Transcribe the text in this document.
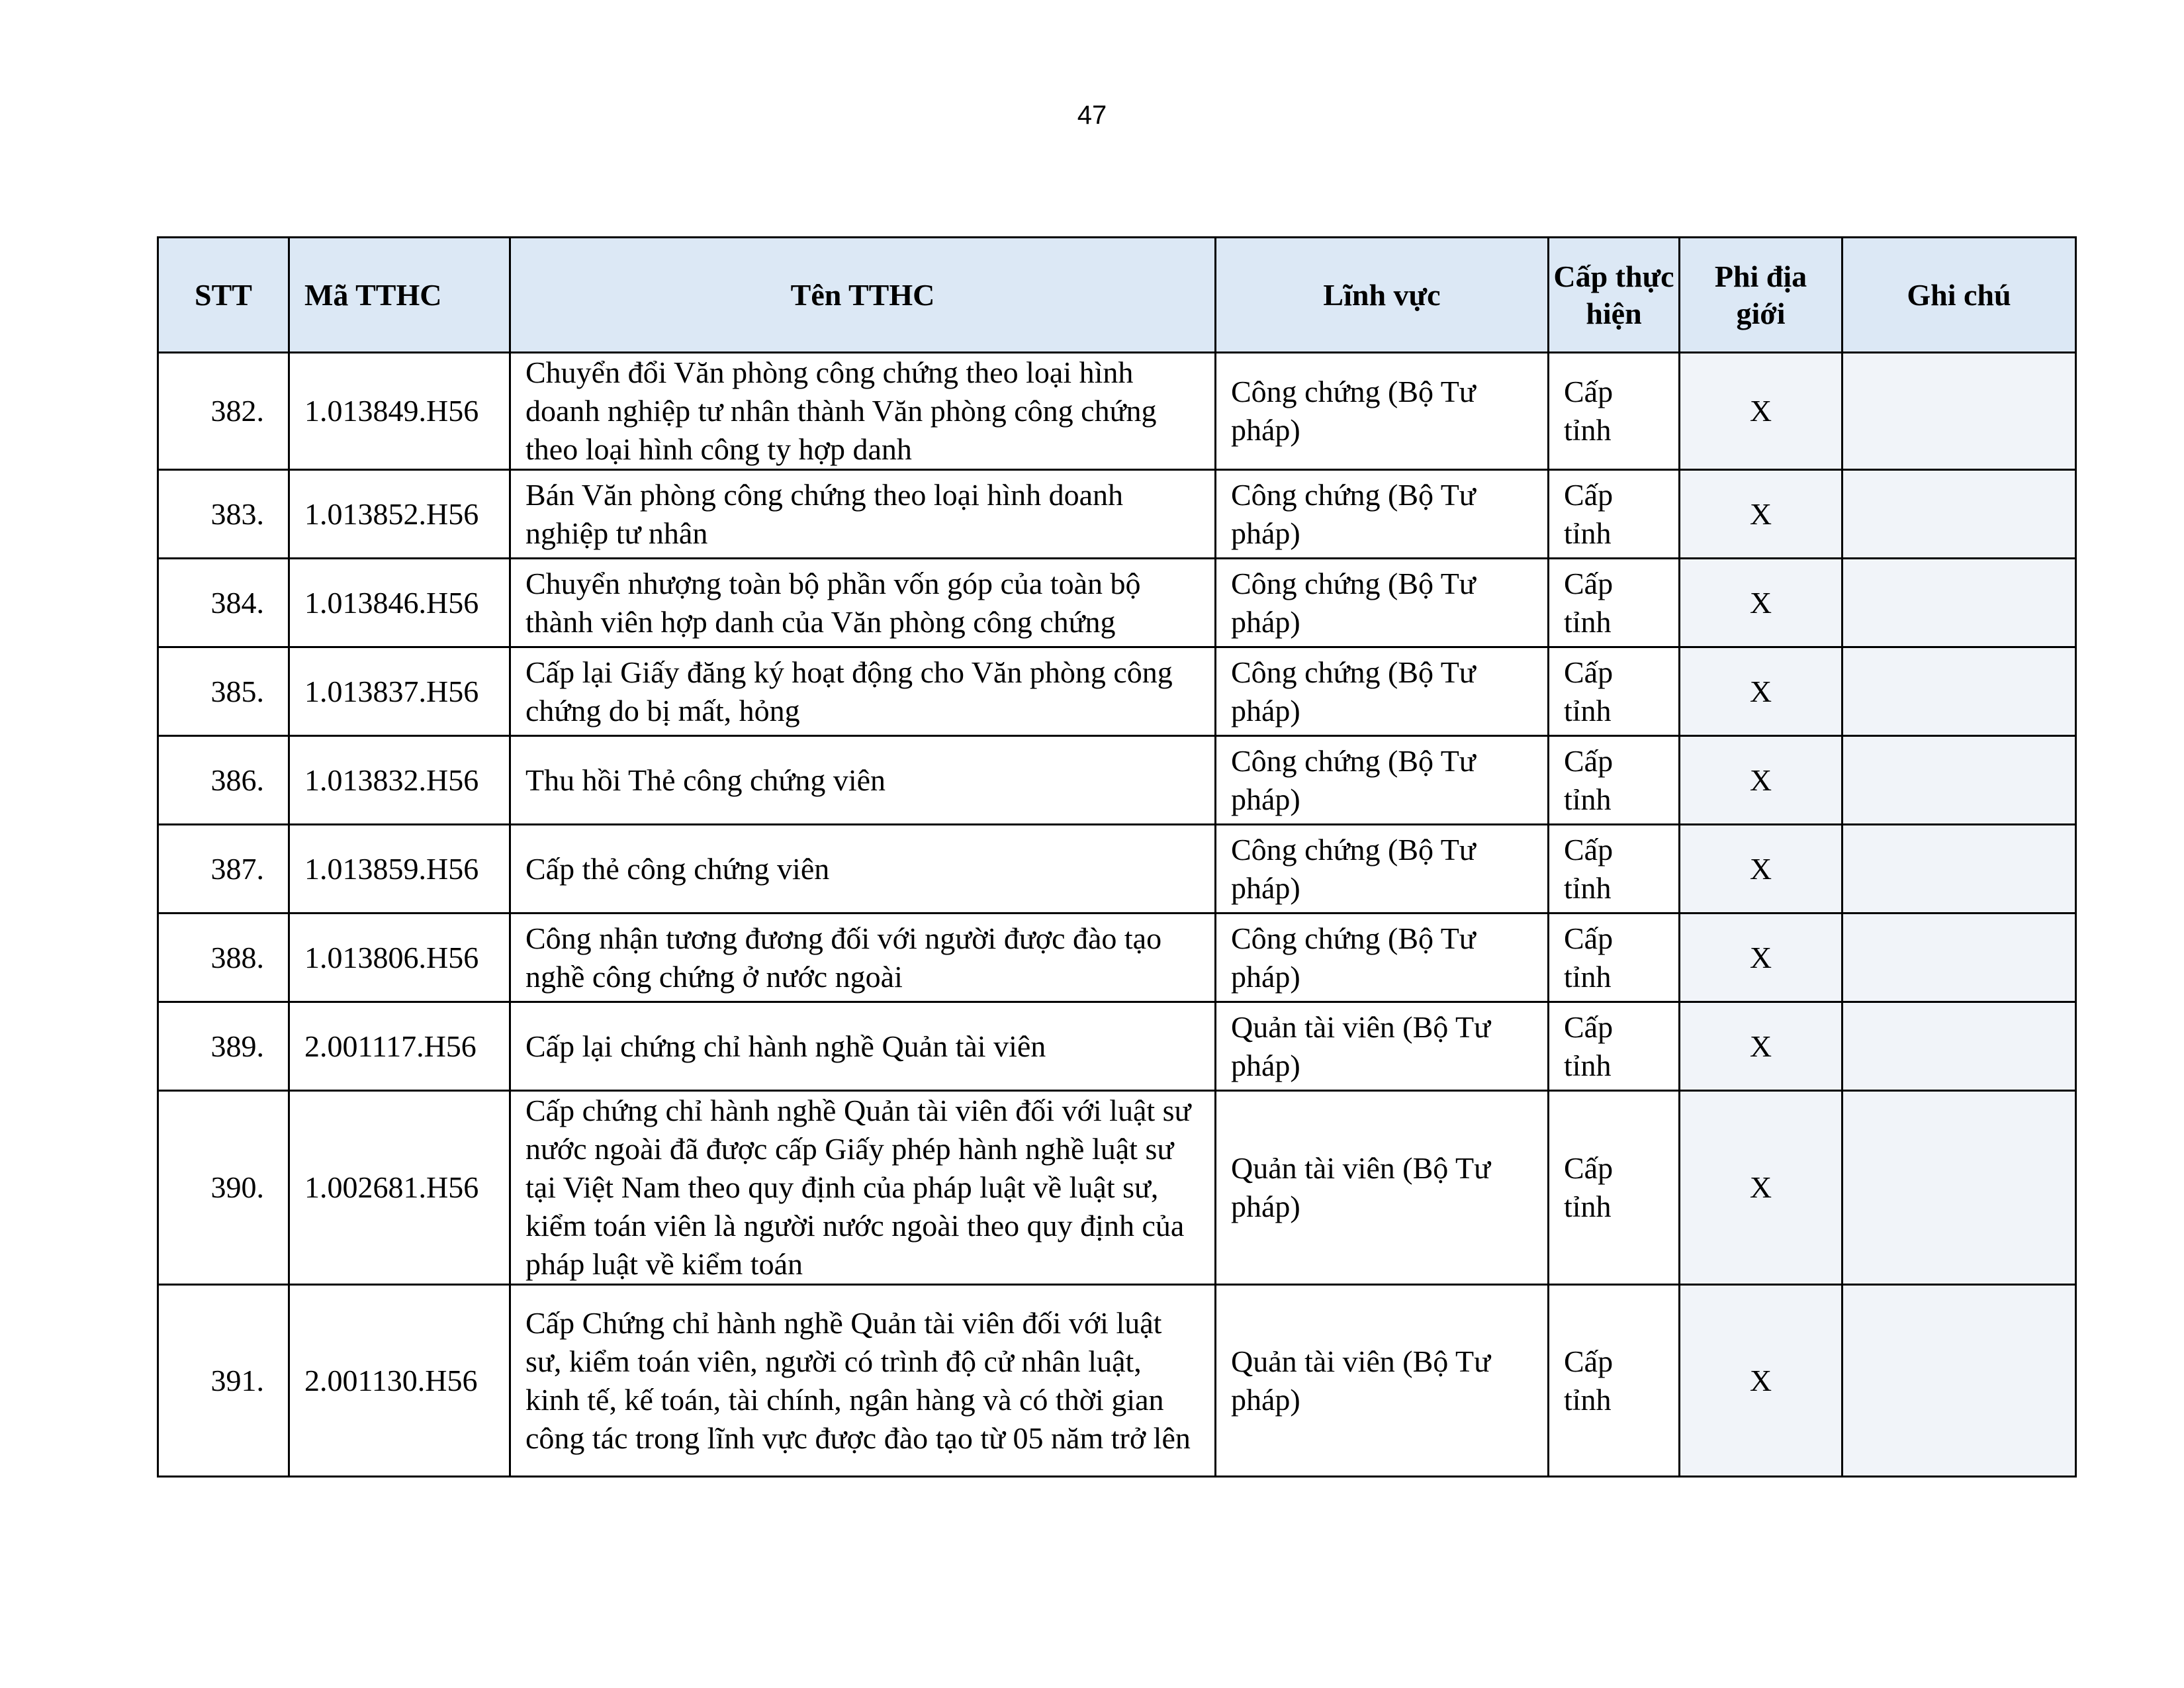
47
STT	Mã TTHC	Tên TTHC	Lĩnh vực	Cấp thực hiện	Phi địa giới	Ghi chú
382.	1.013849.H56	Chuyển đổi Văn phòng công chứng theo loại hình doanh nghiệp tư nhân thành Văn phòng công chứng theo loại hình công ty hợp danh	Công chứng (Bộ Tư pháp)	Cấp tỉnh	X	
383.	1.013852.H56	Bán Văn phòng công chứng theo loại hình doanh nghiệp tư nhân	Công chứng (Bộ Tư pháp)	Cấp tỉnh	X	
384.	1.013846.H56	Chuyển nhượng toàn bộ phần vốn góp của toàn bộ thành viên hợp danh của Văn phòng công chứng	Công chứng (Bộ Tư pháp)	Cấp tỉnh	X	
385.	1.013837.H56	Cấp lại Giấy đăng ký hoạt động cho Văn phòng công chứng do bị mất, hỏng	Công chứng (Bộ Tư pháp)	Cấp tỉnh	X	
386.	1.013832.H56	Thu hồi Thẻ công chứng viên	Công chứng (Bộ Tư pháp)	Cấp tỉnh	X	
387.	1.013859.H56	Cấp thẻ công chứng viên	Công chứng (Bộ Tư pháp)	Cấp tỉnh	X	
388.	1.013806.H56	Công nhận tương đương đối với người được đào tạo nghề công chứng ở nước ngoài	Công chứng (Bộ Tư pháp)	Cấp tỉnh	X	
389.	2.001117.H56	Cấp lại chứng chỉ hành nghề Quản tài viên	Quản tài viên (Bộ Tư pháp)	Cấp tỉnh	X	
390.	1.002681.H56	Cấp chứng chỉ hành nghề Quản tài viên đối với luật sư nước ngoài đã được cấp Giấy phép hành nghề luật sư tại Việt Nam theo quy định của pháp luật về luật sư, kiểm toán viên là người nước ngoài theo quy định của pháp luật về kiểm toán	Quản tài viên (Bộ Tư pháp)	Cấp tỉnh	X	
391.	2.001130.H56	Cấp Chứng chỉ hành nghề Quản tài viên đối với luật sư, kiểm toán viên, người có trình độ cử nhân luật, kinh tế, kế toán, tài chính, ngân hàng và có thời gian công tác trong lĩnh vực được đào tạo từ 05 năm trở lên	Quản tài viên (Bộ Tư pháp)	Cấp tỉnh	X	
